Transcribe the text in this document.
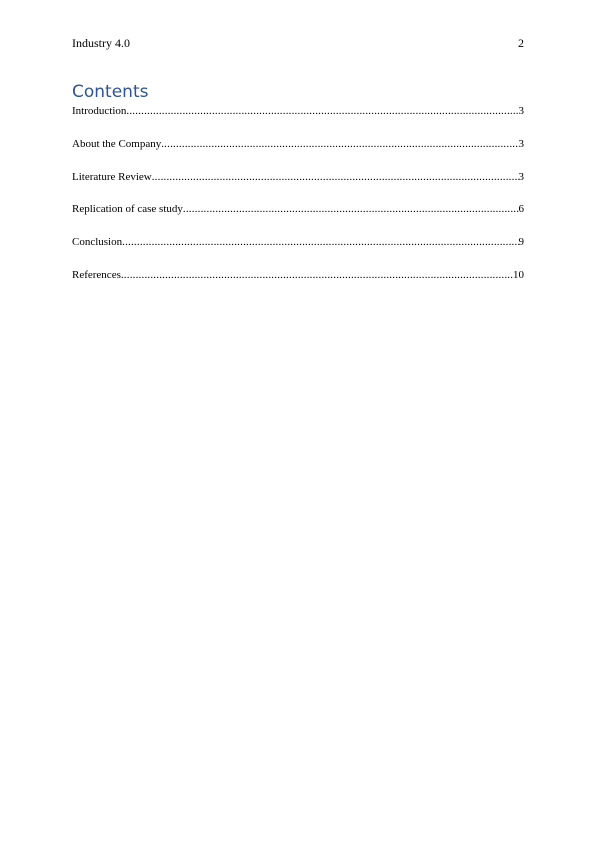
Industry 4.0	2
Contents
Introduction .....	3
About the Company .....	3
Literature Review .....	3
Replication of case study .....	6
Conclusion .....	9
References .....	10
